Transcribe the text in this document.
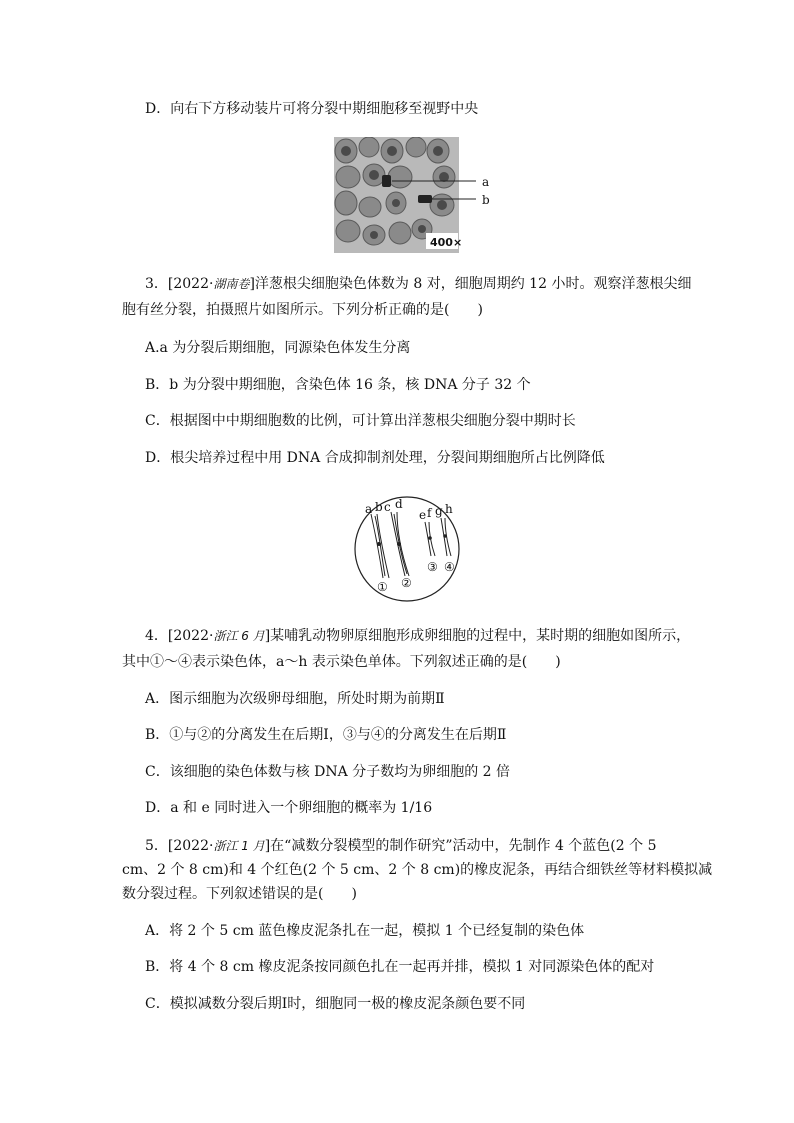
D．向右下方移动装片可将分裂中期细胞移至视野中央
a
b
400×
3．[2022·湖南卷]洋葱根尖细胞染色体数为 8 对，细胞周期约 12 小时。观察洋葱根尖细
胞有丝分裂，拍摄照片如图所示。下列分析正确的是(　　)
A.a 为分裂后期细胞，同源染色体发生分离
B．b 为分裂中期细胞，含染色体 16 条，核 DNA 分子 32 个
C．根据图中中期细胞数的比例，可计算出洋葱根尖细胞分裂中期时长
D．根尖培养过程中用 DNA 合成抑制剂处理，分裂间期细胞所占比例降低
a b c d
e f g h
① ②
③ ④
4．[2022·浙江 6 月]某哺乳动物卵原细胞形成卵细胞的过程中，某时期的细胞如图所示，
其中①～④表示染色体，a～h 表示染色单体。下列叙述正确的是(　　)
A．图示细胞为次级卵母细胞，所处时期为前期Ⅱ
B．①与②的分离发生在后期Ⅰ，③与④的分离发生在后期Ⅱ
C．该细胞的染色体数与核 DNA 分子数均为卵细胞的 2 倍
D．a 和 e 同时进入一个卵细胞的概率为 1/16
5．[2022·浙江 1 月]在“减数分裂模型的制作研究”活动中，先制作 4 个蓝色(2 个 5
cm、2 个 8 cm)和 4 个红色(2 个 5 cm、2 个 8 cm)的橡皮泥条，再结合细铁丝等材料模拟减
数分裂过程。下列叙述错误的是(　　)
A．将 2 个 5 cm 蓝色橡皮泥条扎在一起，模拟 1 个已经复制的染色体
B．将 4 个 8 cm 橡皮泥条按同颜色扎在一起再并排，模拟 1 对同源染色体的配对
C．模拟减数分裂后期Ⅰ时，细胞同一极的橡皮泥条颜色要不同
